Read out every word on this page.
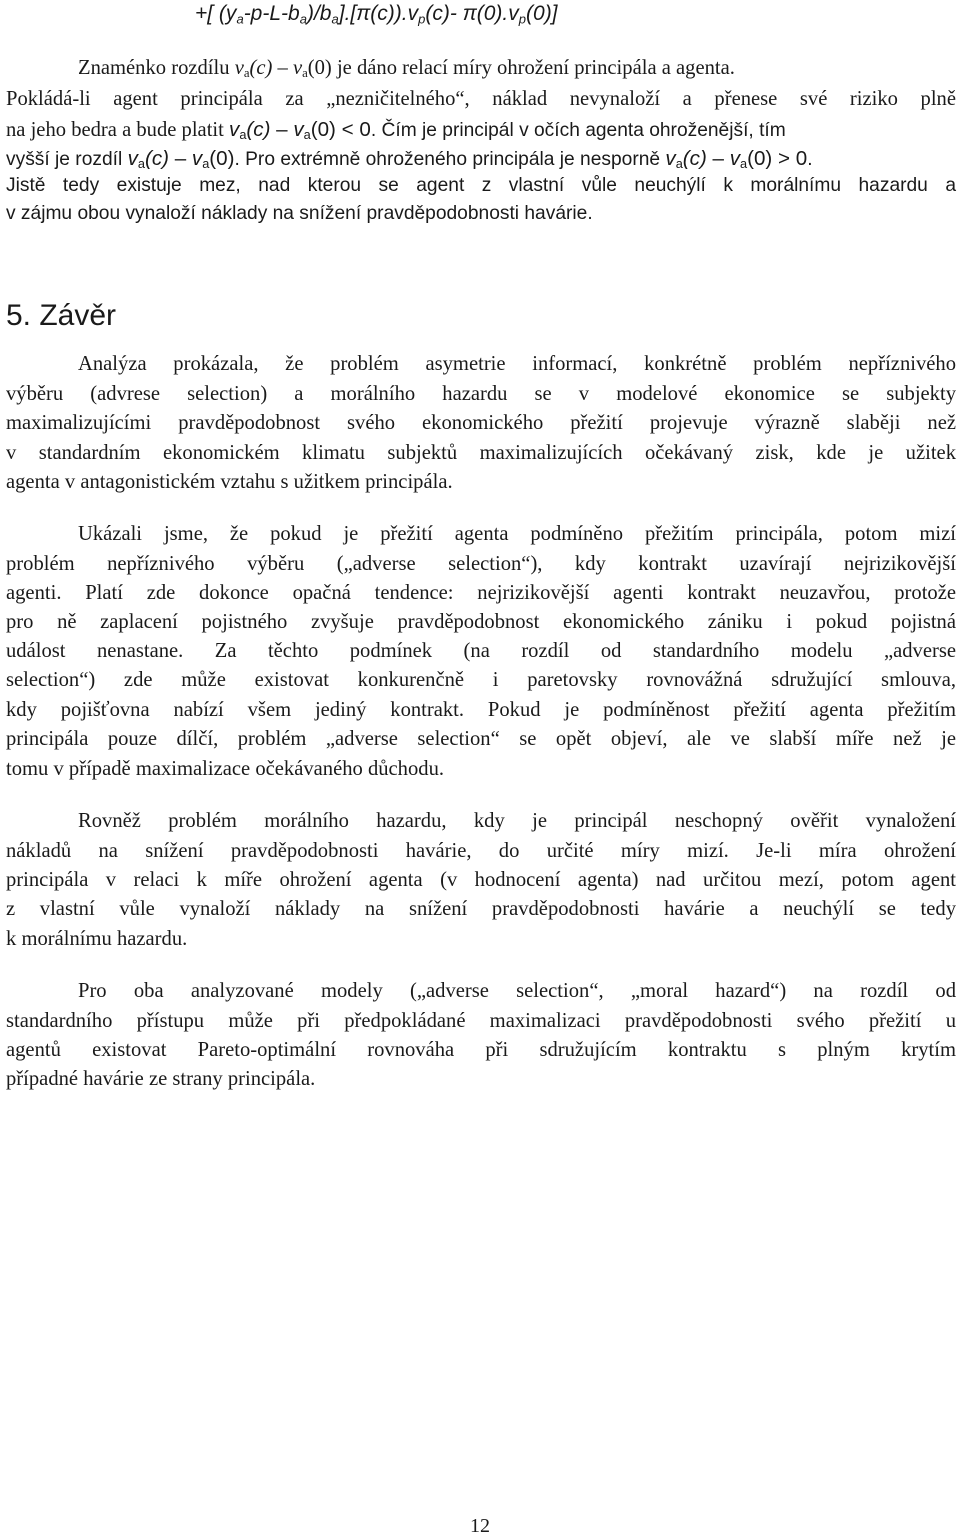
+[ $(y_a-p-L-b_a)/b_a].[\pi(c)).v_p(c)-$ $\pi(0).v_p(0)$]
Znaménko rozdílu $v_a(c) - v_a(0)$ je dáno relací míry ohrožení principála a agenta.
Pokládá-li agent principála za „nezničitelného“, náklad nevynaloží a přenese své riziko plně
na jeho bedra a bude platit $v_a(c) - v_a(0) < 0$. Čím je principál v očích agenta ohroženější, tím
vyšší je rozdíl $v_a(c) - v_a(0)$. Pro extrémně ohroženého principála je nesporně $v_a(c) - v_a(0) > 0$.
Jistě tedy existuje mez, nad kterou se agent z vlastní vůle neuchýlí k morálnímu hazardu a
v zájmu obou vynaloží náklady na snížení pravděpodobnosti havárie.
5. Závěr
Analýza prokázala, že problém asymetrie informací, konkrétně problém nepříznivého
výběru (advrese selection) a morálního hazardu se v modelové ekonomice se subjekty
maximalizujícími pravděpodobnost svého ekonomického přežití projevuje výrazně slaběji než
v standardním ekonomickém klimatu subjektů maximalizujících očekávaný zisk, kde je užitek
agenta v antagonistickém vztahu s užitkem principála.
Ukázali jsme, že pokud je přežití agenta podmíněno přežitím principála, potom mizí
problém nepříznivého výběru („adverse selection“), kdy kontrakt uzavírají nejrizikovější
agenti. Platí zde dokonce opačná tendence: nejrizikovější agenti kontrakt neuzavřou, protože
pro ně zaplacení pojistného zvyšuje pravděpodobnost ekonomického zániku i pokud pojistná
událost nenastane. Za těchto podmínek (na rozdíl od standardního modelu „adverse
selection“) zde může existovat konkurenčně i paretovsky rovnovážná sdružující smlouva,
kdy pojišťovna nabízí všem jediný kontrakt. Pokud je podmíněnost přežití agenta přežitím
principála pouze dílčí, problém „adverse selection“ se opět objeví, ale ve slabší míře než je
tomu v případě maximalizace očekávaného důchodu.
Rovněž problém morálního hazardu, kdy je principál neschopný ověřit vynaložení
nákladů na snížení pravděpodobnosti havárie, do určité míry mizí. Je-li míra ohrožení
principála v relaci k míře ohrožení agenta (v hodnocení agenta) nad určitou mezí, potom agent
z vlastní vůle vynaloží náklady na snížení pravděpodobnosti havárie a neuchýlí se tedy
k morálnímu hazardu.
Pro oba analyzované modely („adverse selection“, „moral hazard“) na rozdíl od
standardního přístupu může při předpokládané maximalizaci pravděpodobnosti svého přežití u
agentů existovat Pareto-optimální rovnováha při sdružujícím kontraktu s plným krytím
případné havárie ze strany principála.
12
